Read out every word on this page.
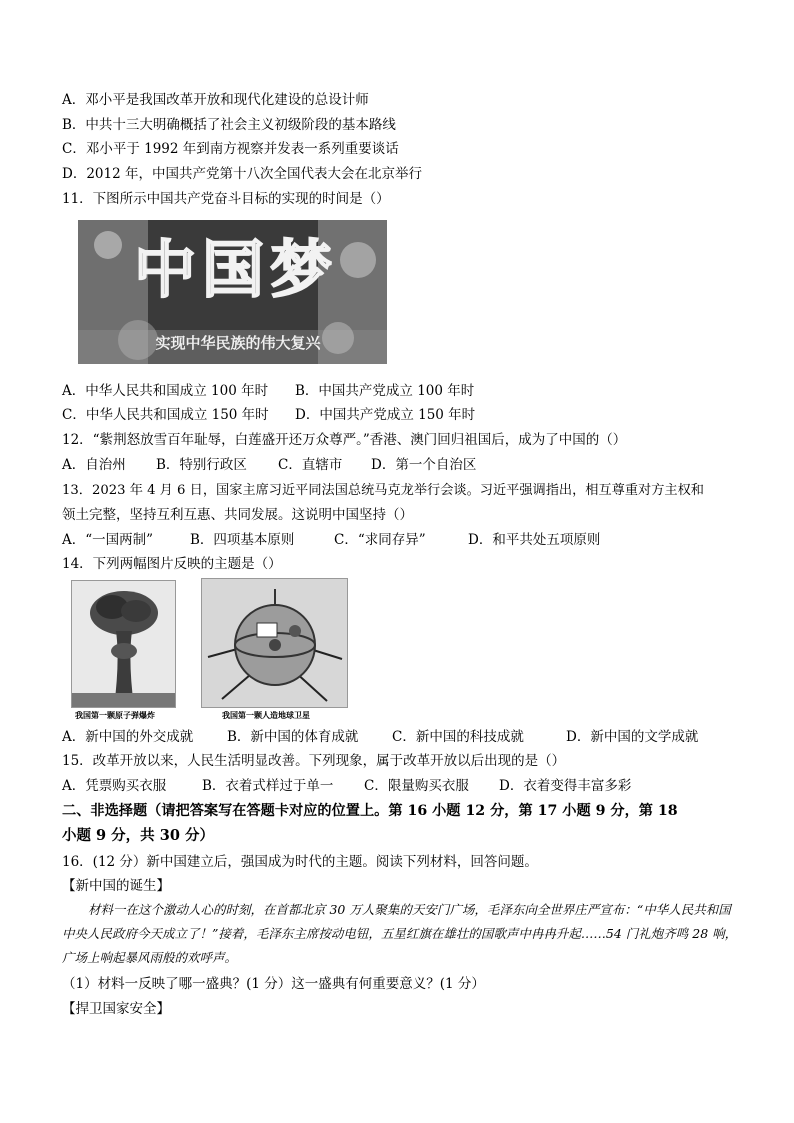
A．邓小平是我国改革开放和现代化建设的总设计师
B．中共十三大明确概括了社会主义初级阶段的基本路线
C．邓小平于 1992 年到南方视察并发表一系列重要谈话
D．2012 年，中国共产党第十八次全国代表大会在北京举行
11．下图所示中国共产党奋斗目标的实现的时间是（）
中国梦
实现中华民族的伟大复兴
A．中华人民共和国成立 100 年时 B．中国共产党成立 100 年时
C．中华人民共和国成立 150 年时 D．中国共产党成立 150 年时
12．“紫荆怒放雪百年耻辱，白莲盛开还万众尊严。”香港、澳门回归祖国后，成为了中国的（）
A．自治州 B．特别行政区 C．直辖市 D．第一个自治区
13．2023 年 4 月 6 日，国家主席习近平同法国总统马克龙举行会谈。习近平强调指出，相互尊重对方主权和
领土完整，坚持互利互惠、共同发展。这说明中国坚持（）
A．“一国两制”	B．四项基本原则	C．“求同存异”	D．和平共处五项原则
14．下列两幅图片反映的主题是（）
我国第一颗原子弹爆炸	我国第一颗人造地球卫星
A．新中国的外交成就	B．新中国的体育成就 C．新中国的科技成就	D．新中国的文学成就
15．改革开放以来，人民生活明显改善。下列现象，属于改革开放以后出现的是（）
A．凭票购买衣服	B．衣着式样过于单一 C．限量购买衣服 D．衣着变得丰富多彩
二、非选择题（请把答案写在答题卡对应的位置上。第 16 小题 12 分，第 17 小题 9 分，第 18
小题 9 分，共 30 分）
16．(12 分）新中国建立后，强国成为时代的主题。阅读下列材料，回答问题。
【新中国的诞生】
材料一在这个激动人心的时刻，在首都北京 30 万人聚集的天安门广场，毛泽东向全世界庄严宣布：“中华人民共和国中央人民政府今天成立了！”接着，毛泽东主席按动电钮，五星红旗在雄壮的国歌声中冉冉升起……54 门礼炮齐鸣 28 响，广场上响起暴风雨般的欢呼声。
（1）材料一反映了哪一盛典？(1 分）这一盛典有何重要意义？(1 分）
【捍卫国家安全】
